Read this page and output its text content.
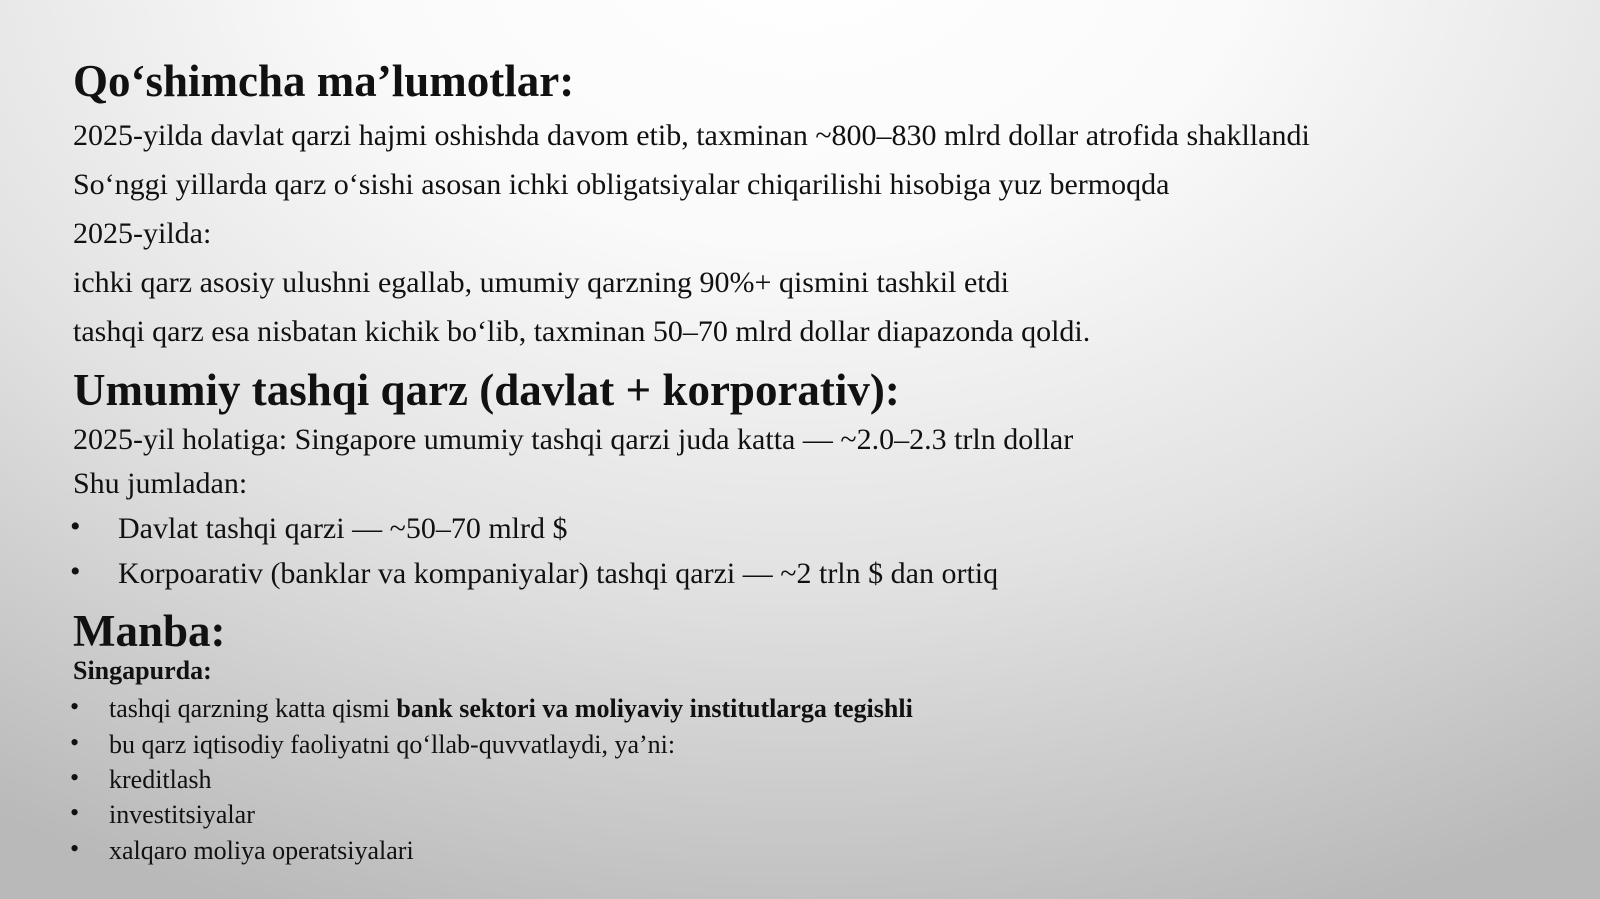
Qo‘shimcha ma’lumotlar:
2025-yilda davlat qarzi hajmi oshishda davom etib, taxminan ~800–830 mlrd dollar atrofida shakllandi
So‘nggi yillarda qarz o‘sishi asosan ichki obligatsiyalar chiqarilishi hisobiga yuz bermoqda
2025-yilda:
ichki qarz asosiy ulushni egallab, umumiy qarzning 90%+ qismini tashkil etdi
tashqi qarz esa nisbatan kichik bo‘lib, taxminan 50–70 mlrd dollar diapazonda qoldi.
Umumiy tashqi qarz (davlat + korporativ):
2025-yil holatiga: Singapore umumiy tashqi qarzi juda katta — ~2.0–2.3 trln dollar
Shu jumladan:
• Davlat tashqi qarzi — ~50–70 mlrd $
• Korpoarativ (banklar va kompaniyalar) tashqi qarzi — ~2 trln $ dan ortiq
Manba:
Singapurda:
• tashqi qarzning katta qismi bank sektori va moliyaviy institutlarga tegishli
• bu qarz iqtisodiy faoliyatni qo‘llab-quvvatlaydi, ya’ni:
• kreditlash
• investitsiyalar
• xalqaro moliya operatsiyalari
